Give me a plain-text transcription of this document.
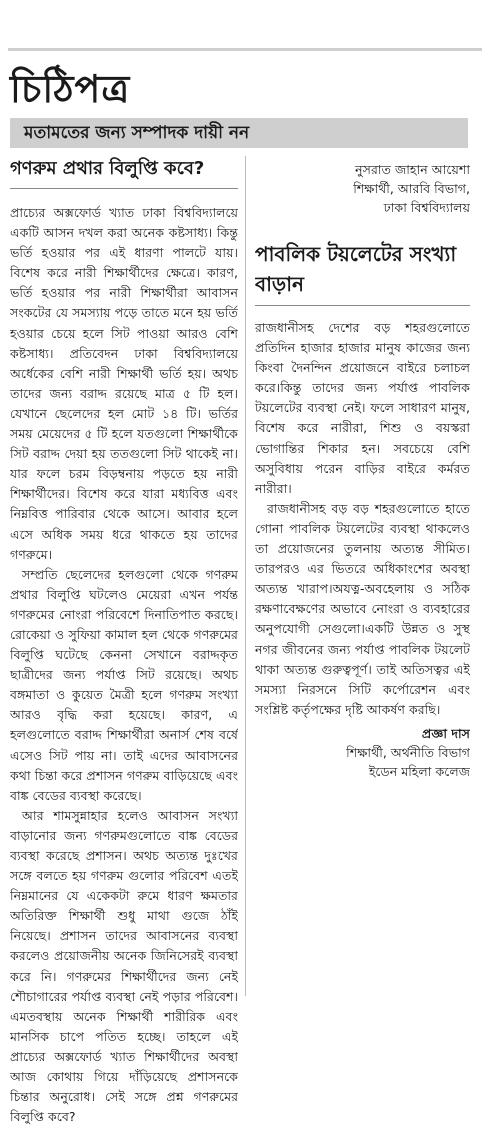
চিঠিপত্র
মতামতের জন্য সম্পাদক দায়ী নন
গণরুম প্রথার বিলুপ্তি কবে?

প্রাচ্যের অক্সফোর্ড খ্যাত ঢাকা বিশ্ববিদ্যালয়ে একটি আসন দখল করা অনেক কষ্টসাধ্য। কিন্তু ভর্তি হওয়ার পর এই ধারণা পালটে যায়। বিশেষ করে নারী শিক্ষার্থীদের ক্ষেত্রে। কারণ, ভর্তি হওয়ার পর নারী শিক্ষার্থীরা আবাসন সংকটের যে সমস্যায় পড়ে তাতে মনে হয় ভর্তি হওয়ার চেয়ে হলে সিট পাওয়া আরও বেশি কষ্টসাধ্য। প্রতিবেদন ঢাকা বিশ্ববিদ্যালয়ে অর্ধেকের বেশি নারী শিক্ষার্থী ভর্তি হয়। অথচ তাদের জন্য বরাদ্দ রয়েছে মাত্র ৫ টি হল। যেখানে ছেলেদের হল মোট ১৪ টি। ভর্তির সময় মেয়েদের ৫ টি হলে যতগুলো শিক্ষার্থীকে সিট বরাদ্দ দেয়া হয় ততগুলো সিট থাকেই না। যার ফলে চরম বিড়ম্বনায় পড়তে হয় নারী শিক্ষার্থীদের। বিশেষ করে যারা মধ্যবিত্ত এবং নিম্নবিত্ত পারিবার থেকে আসে। আবার হলে এসে অধিক সময় ধরে থাকতে হয় তাদের গণরুমে।

সম্প্রতি ছেলেদের হলগুলো থেকে গণরুম প্রথার বিলুপ্তি ঘটলেও মেয়েরা এখন পর্যন্ত গণরুমের নোংরা পরিবেশে দিনাতিপাত করছে। রোকেয়া ও সুফিয়া কামাল হল থেকে গণরুমের বিলুপ্তি ঘটেছে কেননা সেখানে বরাদ্দকৃত ছাত্রীদের জন্য পর্যাপ্ত সিট রয়েছে। অথচ বঙ্গমাতা ও কুয়েত মৈত্রী হলে গণরুম সংখ্যা আরও বৃদ্ধি করা হয়েছে। কারণ, এ হলগুলোতে বরাদ্দ শিক্ষার্থীরা অনার্স শেষ বর্ষে এসেও সিট পায় না। তাই এদের আবাসনের কথা চিন্তা করে প্রশাসন গণরুম বাড়িয়েছে এবং বাঙ্ক বেডের ব্যবস্থা করেছে।

আর শামসুন্নাহার হলেও আবাসন সংখ্যা বাড়ানোর জন্য গণরুমগুলোতে বাঙ্ক বেডের ব্যবস্থা করেছে প্রশাসন। অথচ অত্যন্ত দুঃখের সঙ্গে বলতে হয় গণরুম গুলোর পরিবেশ এতই নিম্নমানের যে একেকটা রুমে ধারণ ক্ষমতার অতিরিক্ত শিক্ষার্থী শুধু মাথা গুজে ঠাঁই নিয়েছে। প্রশাসন তাদের আবাসনের ব্যবস্থা করলেও প্রয়োজনীয় অনেক জিনিসেরই ব্যবস্থা করে নি। গণরুমের শিক্ষার্থীদের জন্য নেই শৌচাগারের পর্যাপ্ত ব্যবস্থা নেই পড়ার পরিবেশ। এমতবস্থায় অনেক শিক্ষার্থী শারীরিক এবং মানসিক চাপে পতিত হচ্ছে। তাহলে এই প্রাচ্যের অক্সফোর্ড খ্যাত শিক্ষার্থীদের অবস্থা আজ কোথায় গিয়ে দাঁড়িয়েছে প্রশাসনকে চিন্তার অনুরোধ। সেই সঙ্গে প্রশ্ন গণরুমের বিলুপ্তি কবে?

নুসরাত জাহান আয়েশা
শিক্ষার্থী, আরবি বিভাগ,
ঢাকা বিশ্ববিদ্যালয়
পাবলিক টয়লেটের সংখ্যা বাড়ান

রাজধানীসহ দেশের বড় শহরগুলোতে প্রতিদিন হাজার হাজার মানুষ কাজের জন্য কিংবা দৈনন্দিন প্রয়োজনে বাইরে চলাচল করে।কিন্তু তাদের জন্য পর্যাপ্ত পাবলিক টয়লেটের ব্যবস্থা নেই। ফলে সাধারণ মানুষ, বিশেষ করে নারীরা, শিশু ও বয়স্করা ভোগান্তির শিকার হন। সবচেয়ে বেশি অসুবিধায় পরেন বাড়ির বাইরে কর্মরত নারীরা।

রাজধানীসহ বড় বড় শহরগুলোতে হাতে গোনা পাবলিক টয়লেটের ব্যবস্থা থাকলেও তা প্রয়োজনের তুলনায় অত্যন্ত সীমিত। তারপরও এর ভিতরে অধিকাংশের অবস্থা অত্যন্ত খারাপ।অযত্ন-অবহেলায় ও সঠিক রক্ষণাবেক্ষণের অভাবে নোংরা ও ব্যবহারের অনুপযোগী সেগুলো।একটি উন্নত ও সুস্থ নগর জীবনের জন্য পর্যাপ্ত পাবলিক টয়লেট থাকা অত্যন্ত গুরুত্বপূর্ণ। তাই অতিসত্বর এই সমস্যা নিরসনে সিটি কর্পোরেশন এবং সংশ্লিষ্ট কর্তৃপক্ষের দৃষ্টি আকর্ষণ করছি।

প্রজ্ঞা দাস
শিক্ষার্থী, অর্থনীতি বিভাগ
ইডেন মহিলা কলেজ
